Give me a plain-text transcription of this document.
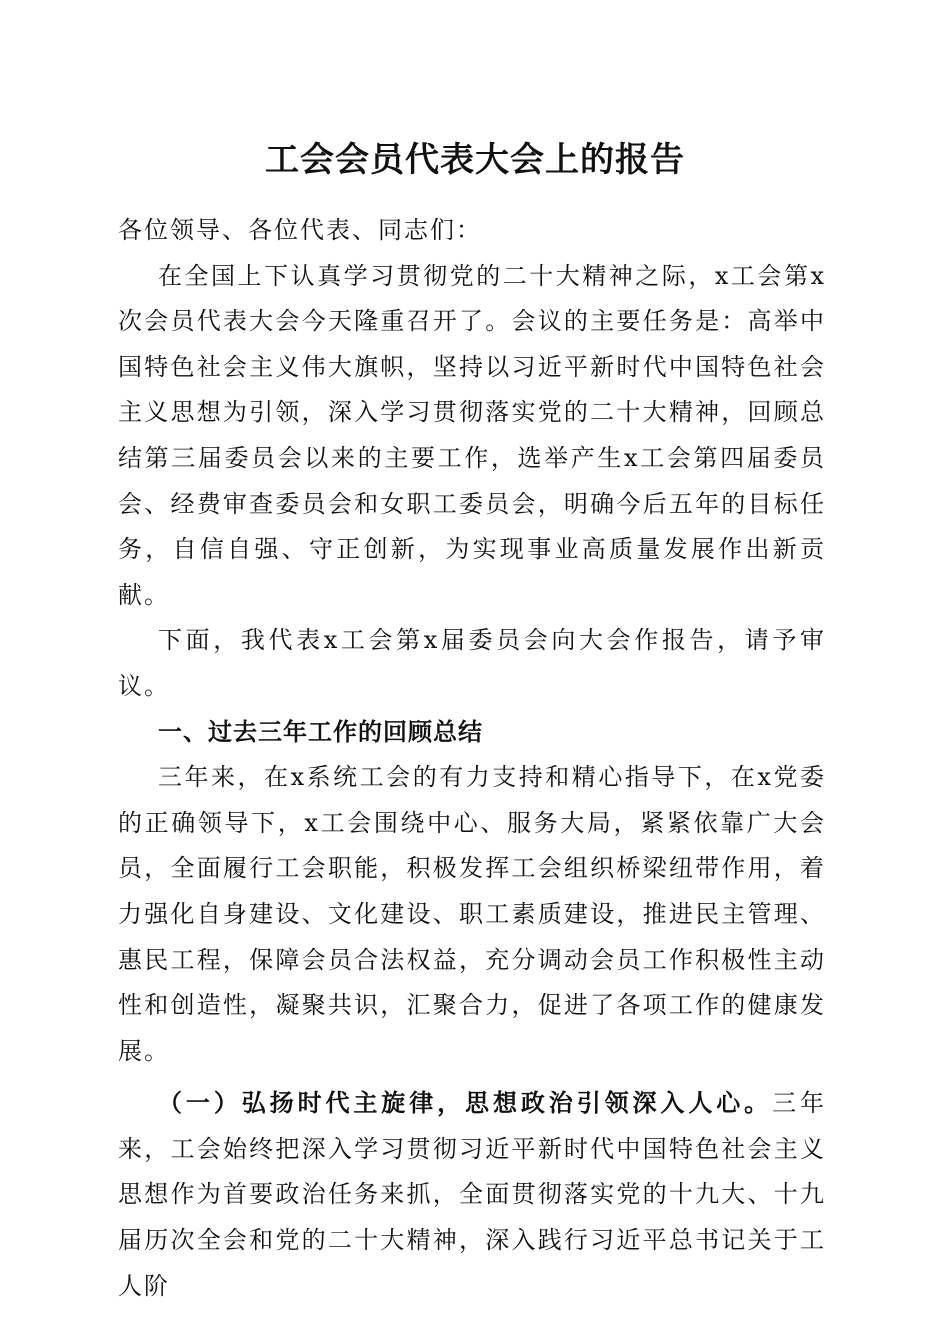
工会会员代表大会上的报告

各位领导、各位代表、同志们：

在全国上下认真学习贯彻党的二十大精神之际，x工会第x次会员代表大会今天隆重召开了。会议的主要任务是：高举中国特色社会主义伟大旗帜，坚持以习近平新时代中国特色社会主义思想为引领，深入学习贯彻落实党的二十大精神，回顾总结第三届委员会以来的主要工作，选举产生x工会第四届委员会、经费审查委员会和女职工委员会，明确今后五年的目标任务，自信自强、守正创新，为实现事业高质量发展作出新贡献。

下面，我代表x工会第x届委员会向大会作报告，请予审议。

一、过去三年工作的回顾总结

三年来，在x系统工会的有力支持和精心指导下，在x党委的正确领导下，x工会围绕中心、服务大局，紧紧依靠广大会员，全面履行工会职能，积极发挥工会组织桥梁纽带作用，着力强化自身建设、文化建设、职工素质建设，推进民主管理、惠民工程，保障会员合法权益，充分调动会员工作积极性主动性和创造性，凝聚共识，汇聚合力，促进了各项工作的健康发展。

（一）弘扬时代主旋律，思想政治引领深入人心。三年来，工会始终把深入学习贯彻习近平新时代中国特色社会主义思想作为首要政治任务来抓，全面贯彻落实党的十九大、十九届历次全会和党的二十大精神，深入践行习近平总书记关于工人阶
